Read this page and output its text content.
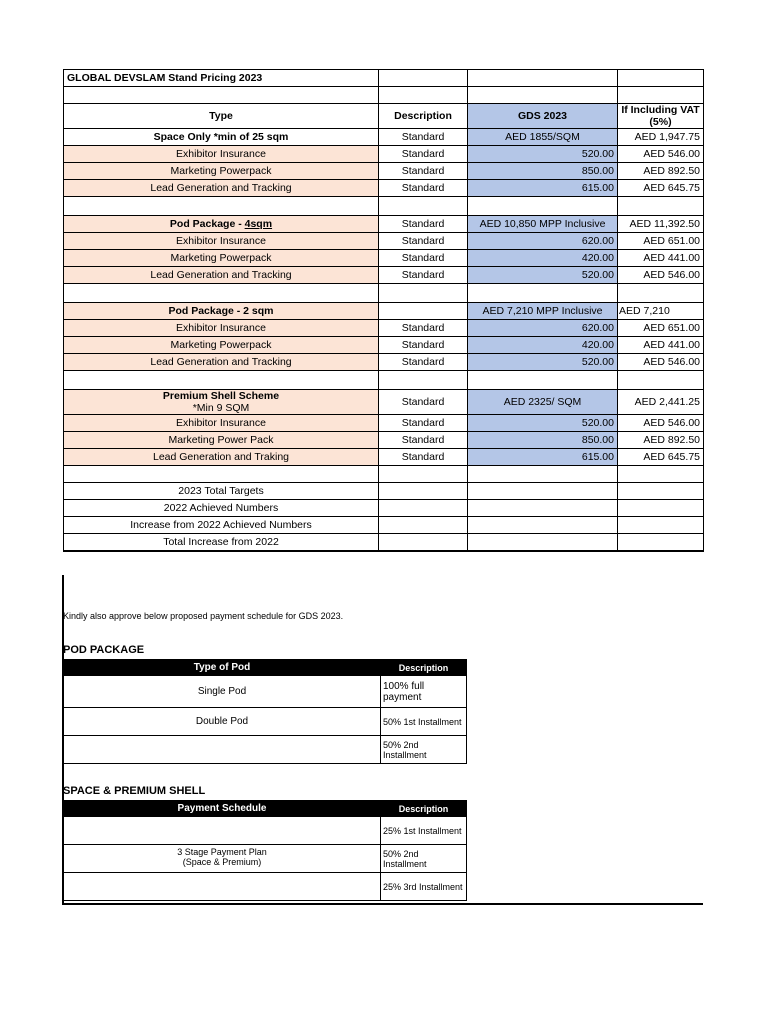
GLOBAL DEVSLAM Stand Pricing 2023			

Type	Description	GDS 2023	If Including VAT (5%)
Space Only *min of 25 sqm	Standard	AED 1855/SQM	AED 1,947.75
Exhibitor Insurance	Standard	520.00	AED 546.00
Marketing Powerpack	Standard	850.00	AED 892.50
Lead Generation and Tracking	Standard	615.00	AED 645.75

Pod Package - 4sqm	Standard	AED 10,850 MPP Inclusive	AED 11,392.50
Exhibitor Insurance	Standard	620.00	AED 651.00
Marketing Powerpack	Standard	420.00	AED 441.00
Lead Generation and Tracking	Standard	520.00	AED 546.00

Pod Package - 2 sqm		AED 7,210 MPP Inclusive	AED 7,210
Exhibitor Insurance	Standard	620.00	AED 651.00
Marketing Powerpack	Standard	420.00	AED 441.00
Lead Generation and Tracking	Standard	520.00	AED 546.00

Premium Shell Scheme
*Min 9 SQM	Standard	AED 2325/ SQM	AED 2,441.25
Exhibitor Insurance	Standard	520.00	AED 546.00
Marketing Power Pack	Standard	850.00	AED 892.50
Lead Generation and Traking	Standard	615.00	AED 645.75

2023 Total Targets			
2022 Achieved Numbers			
Increase from 2022 Achieved Numbers			
Total Increase from 2022			
Kindly also approve below proposed payment schedule for GDS 2023.
POD PACKAGE
Type of Pod	Description
Single Pod	100% full payment
Double Pod	50% 1st Installment
	50% 2nd Installment
SPACE & PREMIUM SHELL
Payment Schedule	Description
	25% 1st Installment
3 Stage Payment Plan
(Space & Premium)	50% 2nd Installment
	25% 3rd Installment
